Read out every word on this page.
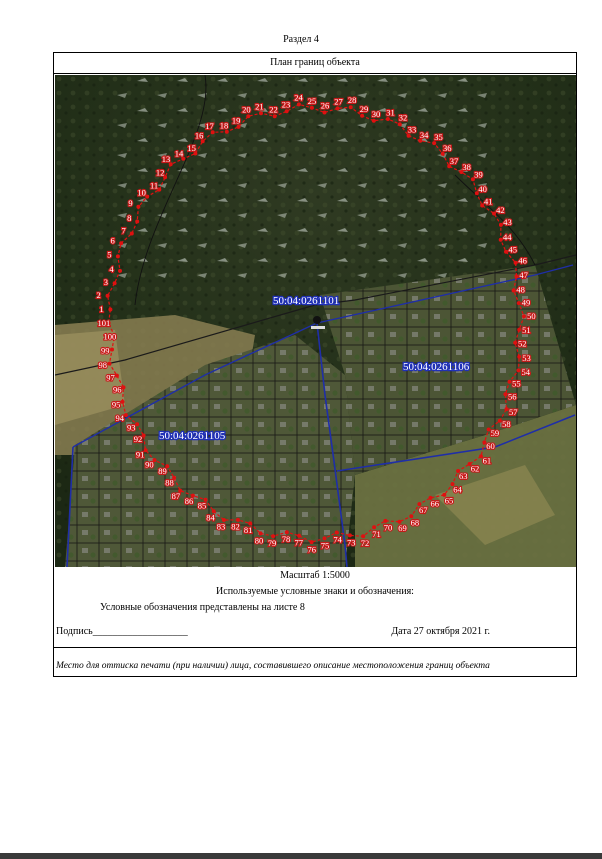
Раздел 4
План границ объекта
1
2
3
4
5
6
7
8
9
10
11
12
13
14
15
16
17 18 19
20 21 22
23
24 25 26 27 28
29
30 31
32
33
34 35
36
37
38
39
40
41
42
43
44
45
46
47
48
49
50
51
52
53
54
55
56
57
58
59
60
61
62
63
64
65
66
67
68
69
70
71
72
73
74
75
76
77
78
79
80
81
82
83
84
85
86
87
88
89
90
91
92
93
94
95
96
97
98
99
100
101
50:04:0261101
50:04:0261106
50:04:0261105
Масштаб 1:5000
Используемые условные знаки и обозначения:
Условные обозначения представлены на листе 8
Подпись___________________	Дата 27 октября 2021 г.
Место для оттиска печати (при наличии) лица, составившего описание местоположения границ объекта
